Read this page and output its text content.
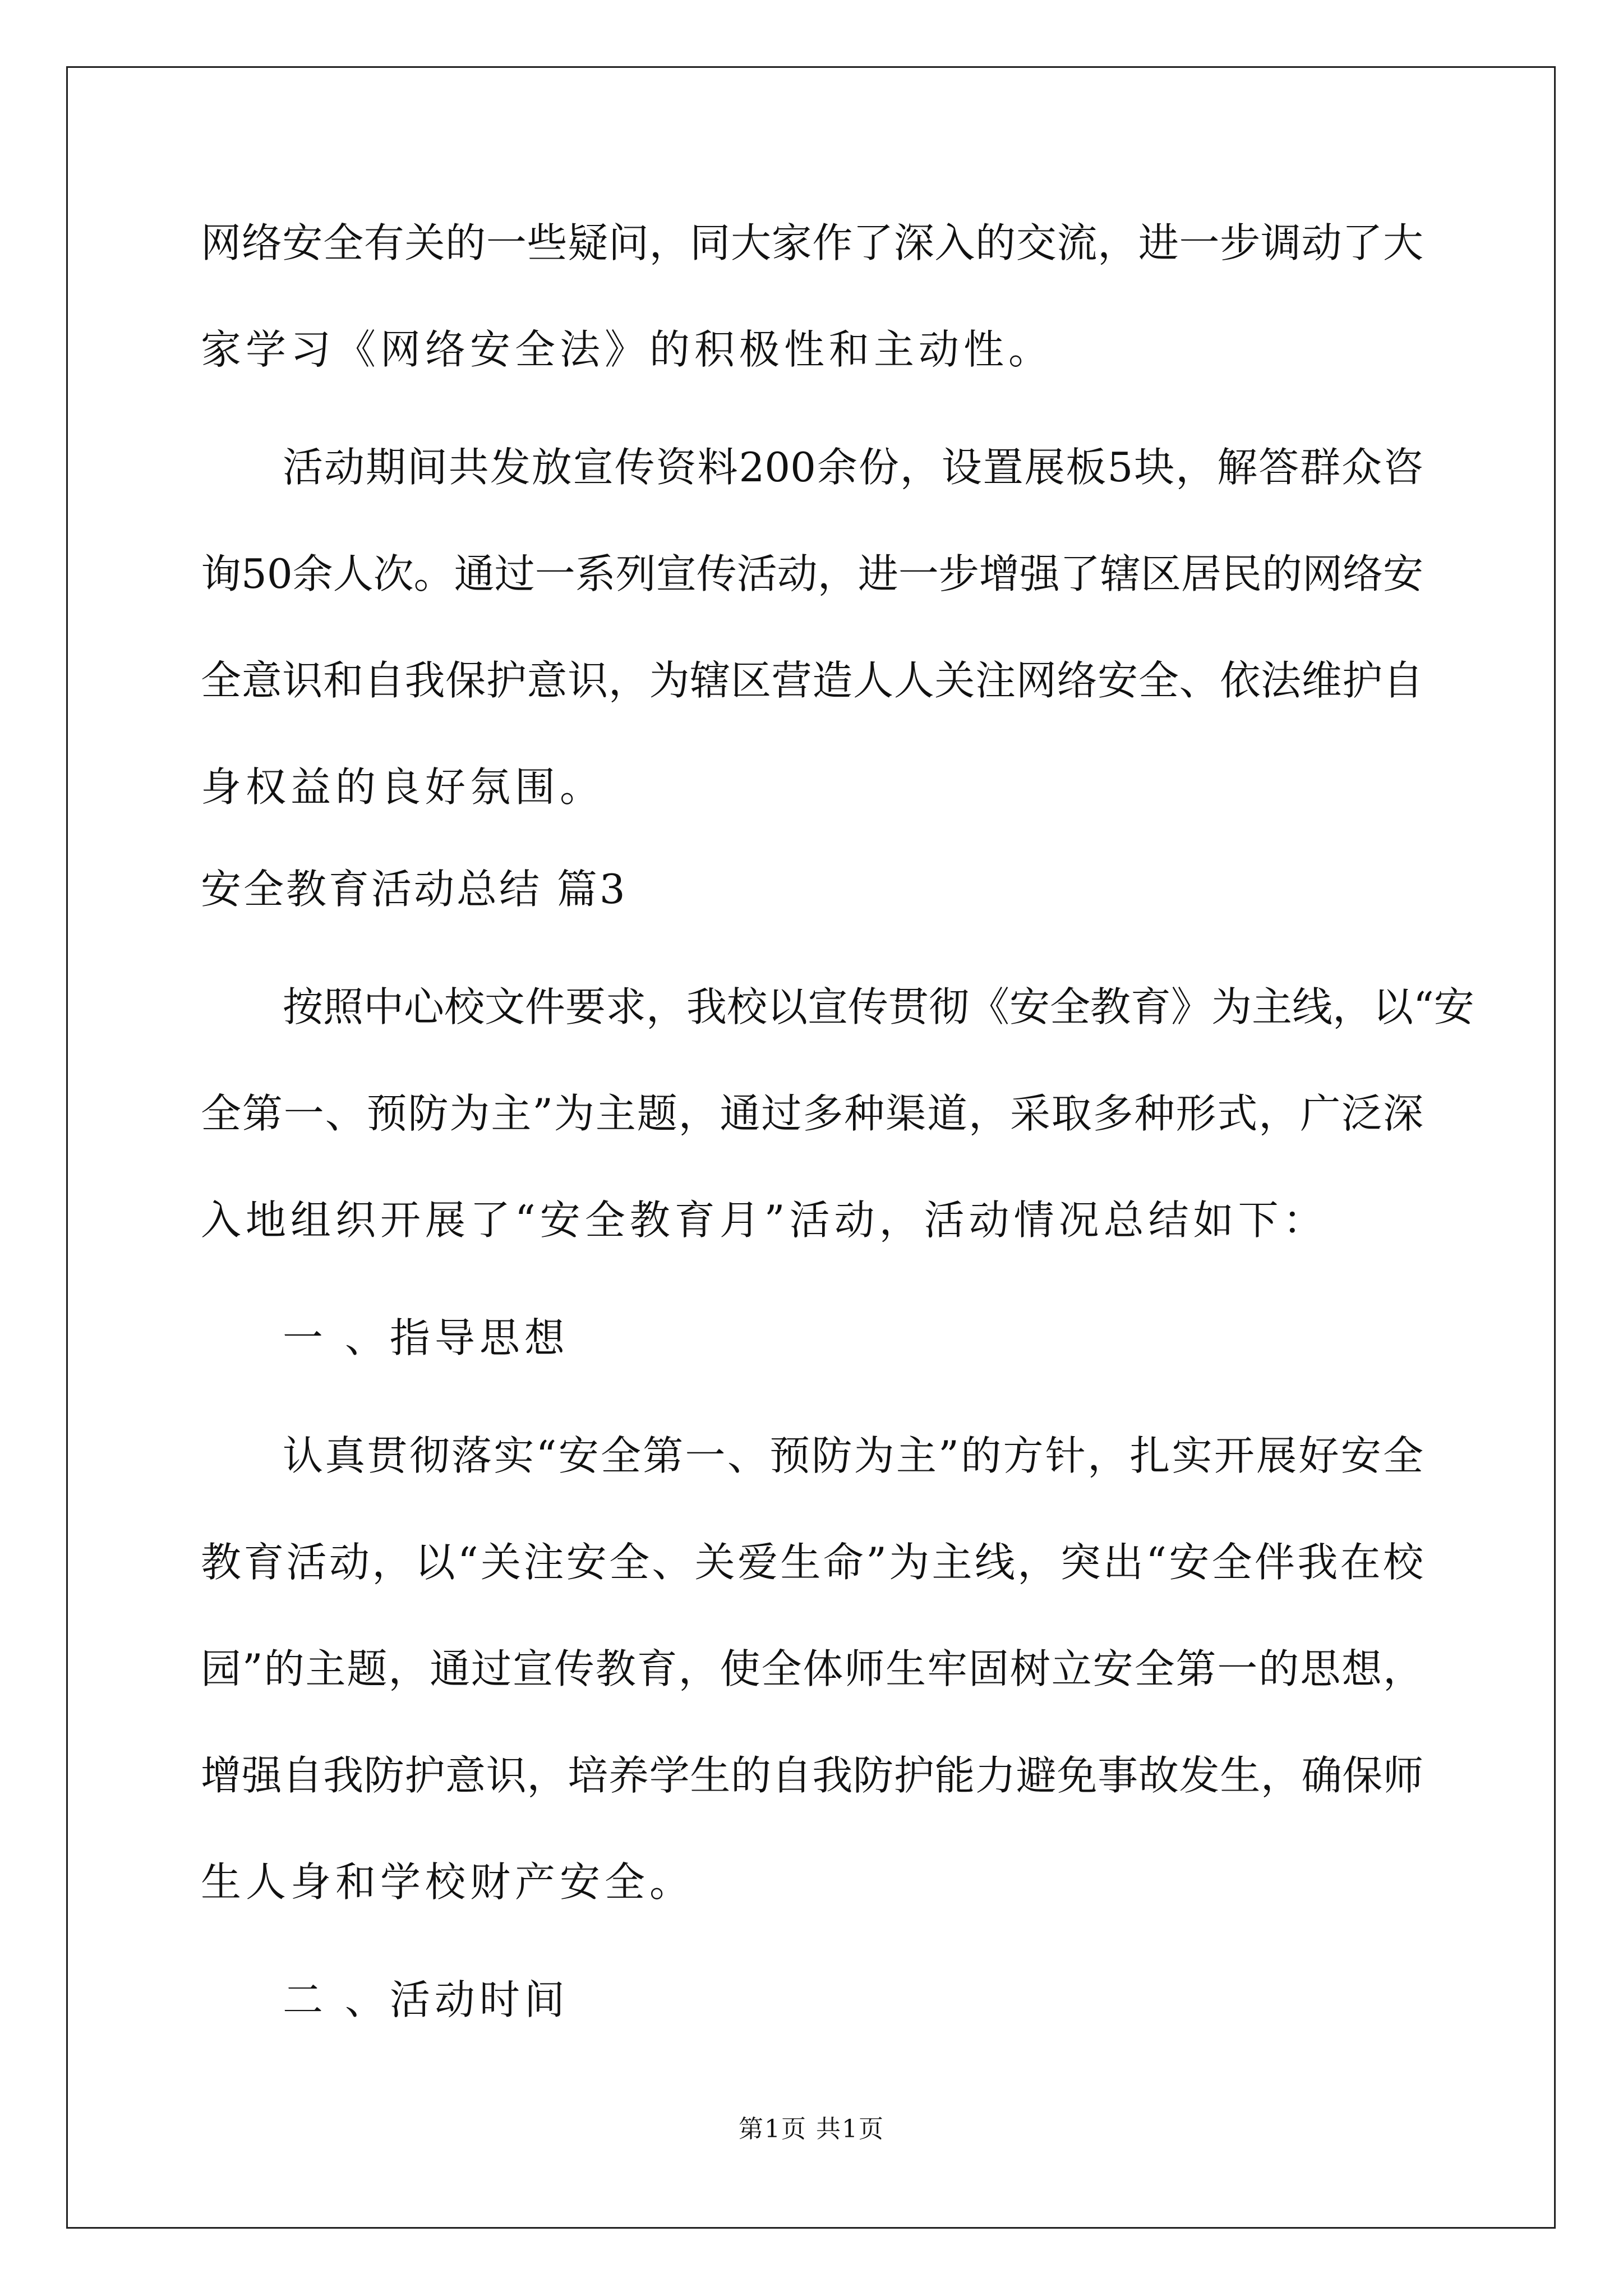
网络安全有关的一些疑问，同大家作了深入的交流，进一步调动了大
家学习《网络安全法》的积极性和主动性。
活动期间共发放宣传资料200余份，设置展板5块，解答群众咨
询50余人次。通过一系列宣传活动，进一步增强了辖区居民的网络安
全意识和自我保护意识，为辖区营造人人关注网络安全、依法维护自
身权益的良好氛围。
安全教育活动总结 篇3
按照中心校文件要求，我校以宣传贯彻《安全教育》为主线，以“安
全第一、预防为主”为主题，通过多种渠道，采取多种形式，广泛深
入地组织开展了“安全教育月”活动，活动情况总结如下：
一 、指导思想
认真贯彻落实“安全第一、预防为主”的方针，扎实开展好安全
教育活动，以“关注安全、关爱生命”为主线，突出“安全伴我在校
园”的主题，通过宣传教育，使全体师生牢固树立安全第一的思想，
增强自我防护意识，培养学生的自我防护能力避免事故发生，确保师
生人身和学校财产安全。
二 、活动时间
第1页 共1页
